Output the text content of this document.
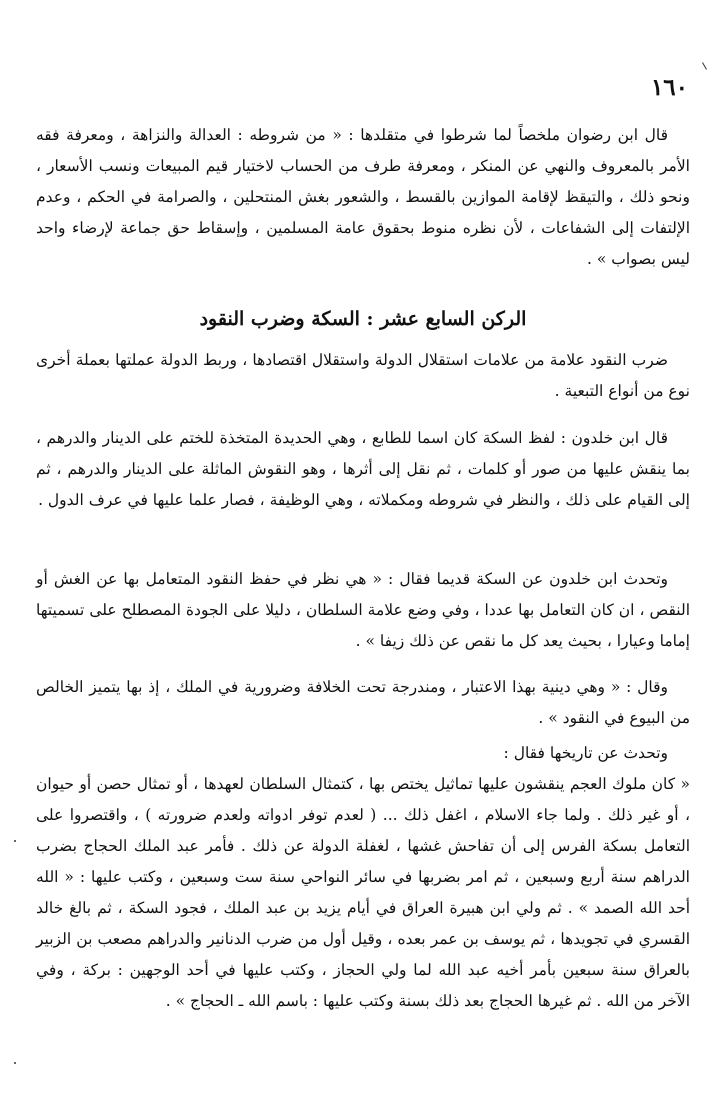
١٦٠
قال ابن رضوان ملخصاً لما شرطوا في متقلدها : « من شروطه : العدالة والنزاهة ، ومعرفة فقه الأمر بالمعروف والنهي عن المنكر ، ومعرفة طرف من الحساب لاختيار قيم المبيعات ونسب الأسعار ، ونحو ذلك ، والتيقظ لإقامة الموازين بالقسط ، والشعور بغش المنتحلين ، والصرامة في الحكم ، وعدم الإلتفات إلى الشفاعات ، لأن نظره منوط بحقوق عامة المسلمين ، وإسقاط حق جماعة لإرضاء واحد ليس بصواب » .
الركن السابع عشر : السكة وضرب النقود
ضرب النقود علامة من علامات استقلال الدولة واستقلال اقتصادها ، وربط الدولة عملتها بعملة أخرى نوع من أنواع التبعية .
قال ابن خلدون : لفظ السكة كان اسما للطابع ، وهي الحديدة المتخذة للختم على الدينار والدرهم ، بما ينقش عليها من صور أو كلمات ، ثم نقل إلى أثرها ، وهو النقوش الماثلة على الدينار والدرهم ، ثم إلى القيام على ذلك ، والنظر في شروطه ومكملاته ، وهي الوظيفة ، فصار علما عليها في عرف الدول .
وتحدث ابن خلدون عن السكة قديما فقال : « هي نظر في حفظ النقود المتعامل بها عن الغش أو النقص ، ان كان التعامل بها عددا ، وفي وضع علامة السلطان ، دليلا على الجودة المصطلح على تسميتها إماما وعيارا ، بحيث يعد كل ما نقص عن ذلك زيفا » .
وقال : « وهي دينية بهذا الاعتبار ، ومندرجة تحت الخلافة وضرورية في الملك ، إذ بها يتميز الخالص من البيوع في النقود » .
وتحدث عن تاريخها فقال :
« كان ملوك العجم ينقشون عليها تماثيل يختص بها ، كتمثال السلطان لعهدها ، أو تمثال حصن أو حيوان ، أو غير ذلك . ولما جاء الاسلام ، اغفل ذلك ... ( لعدم توفر ادواته ولعدم ضرورته ) ، واقتصروا على التعامل بسكة الفرس إلى أن تفاحش غشها ، لغفلة الدولة عن ذلك . فأمر عبد الملك الحجاج بضرب الدراهم سنة أربع وسبعين ، ثم امر بضربها في سائر النواحي سنة ست وسبعين ، وكتب عليها : « الله أحد الله الصمد » . ثم ولي ابن هبيرة العراق في أيام يزيد بن عبد الملك ، فجود السكة ، ثم بالغ خالد القسري في تجويدها ، ثم يوسف بن عمر بعده ، وقيل أول من ضرب الدنانير والدراهم مصعب بن الزبير بالعراق سنة سبعين بأمر أخيه عبد الله لما ولي الحجاز ، وكتب عليها في أحد الوجهين : بركة ، وفي الآخر من الله . ثم غيرها الحجاج بعد ذلك بسنة وكتب عليها : باسم الله ـ الحجاج » .
